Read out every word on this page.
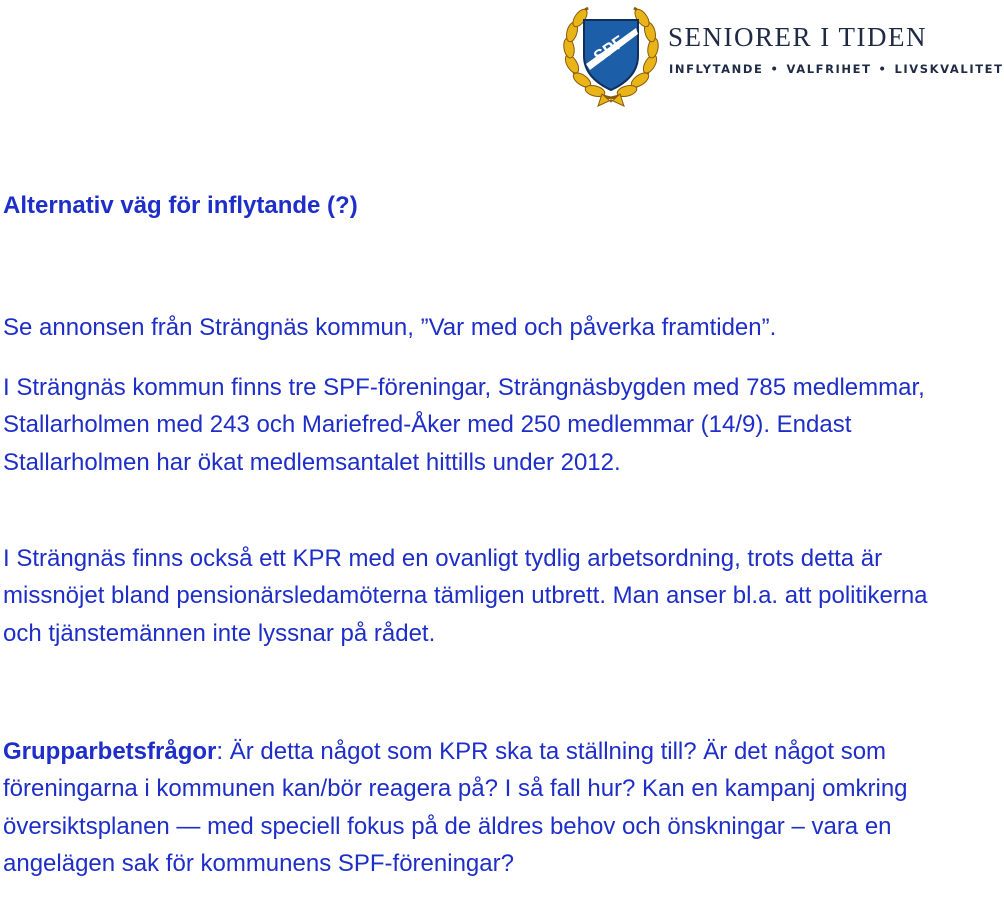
SPF SENIORER I TIDEN
INFLYTANDE • VALFRIHET • LIVSKVALITET
Alternativ väg för inflytande (?)

Se annonsen från Strängnäs kommun, ”Var med och påverka framtiden”.

I Strängnäs kommun finns tre SPF-föreningar, Strängnäsbygden med 785 medlemmar, Stallarholmen med 243 och Mariefred-Åker med 250 medlemmar (14/9). Endast Stallarholmen har ökat medlemsantalet hittills under 2012.

I Strängnäs finns också ett KPR med en ovanligt tydlig arbetsordning, trots detta är missnöjet bland pensionärsledamöterna tämligen utbrett. Man anser bl.a. att politikerna och tjänstemännen inte lyssnar på rådet.

Grupparbetsfrågor: Är detta något som KPR ska ta ställning till? Är det något som föreningarna i kommunen kan/bör reagera på? I så fall hur? Kan en kampanj omkring översiktsplanen — med speciell fokus på de äldres behov och önskningar – vara en angelägen sak för kommunens SPF-föreningar?
